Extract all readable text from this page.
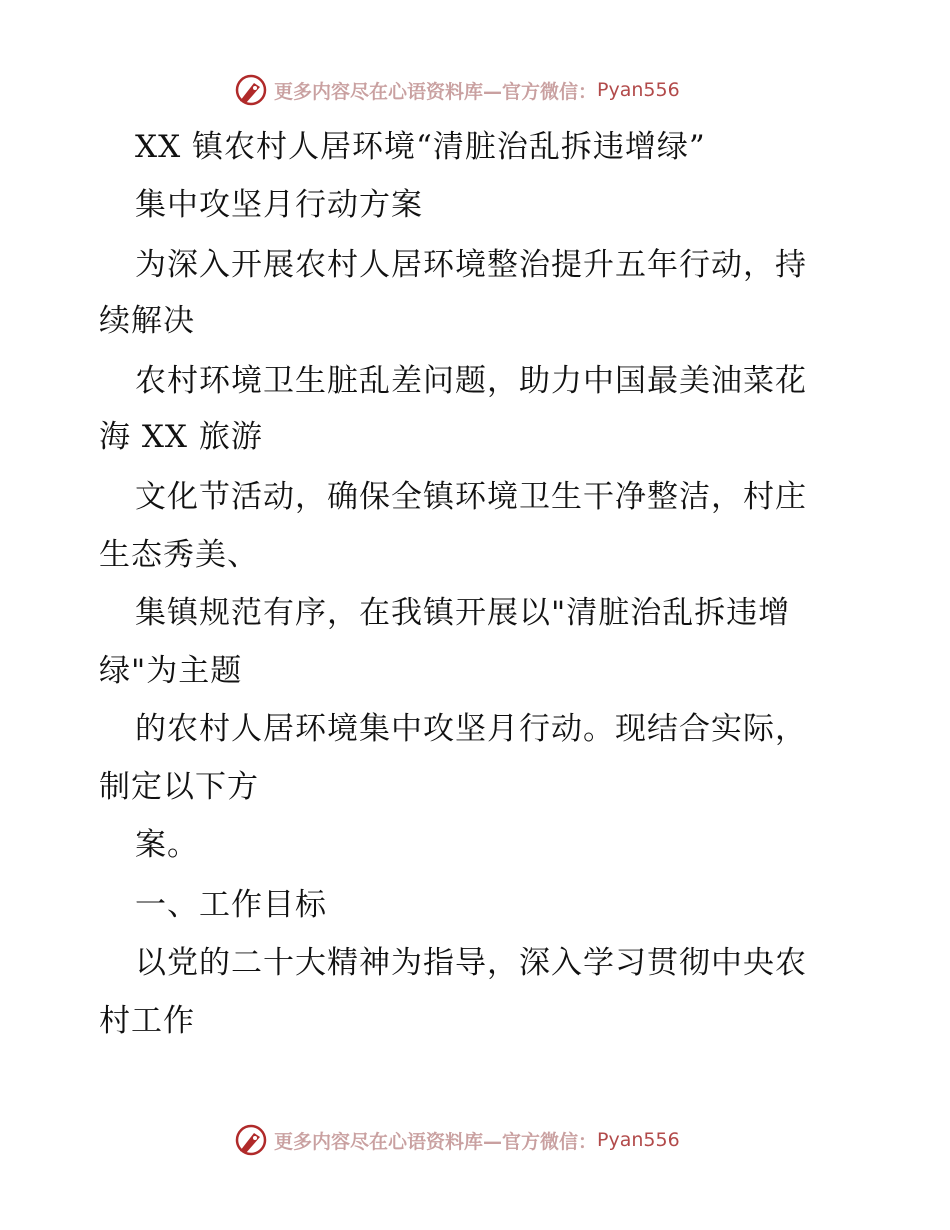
更多内容尽在心语资料库—官方微信： Pyan556
XX 镇农村人居环境“清脏治乱拆违增绿”
集中攻坚月行动方案
为深入开展农村人居环境整治提升五年行动，持
续解决
农村环境卫生脏乱差问题，助力中国最美油菜花
海 XX 旅游
文化节活动，确保全镇环境卫生干净整洁，村庄
生态秀美、
集镇规范有序，在我镇开展以"清脏治乱拆违增
绿"为主题
的农村人居环境集中攻坚月行动。现结合实际，
制定以下方
案。
一、工作目标
以党的二十大精神为指导，深入学习贯彻中央农
村工作
更多内容尽在心语资料库—官方微信： Pyan556
